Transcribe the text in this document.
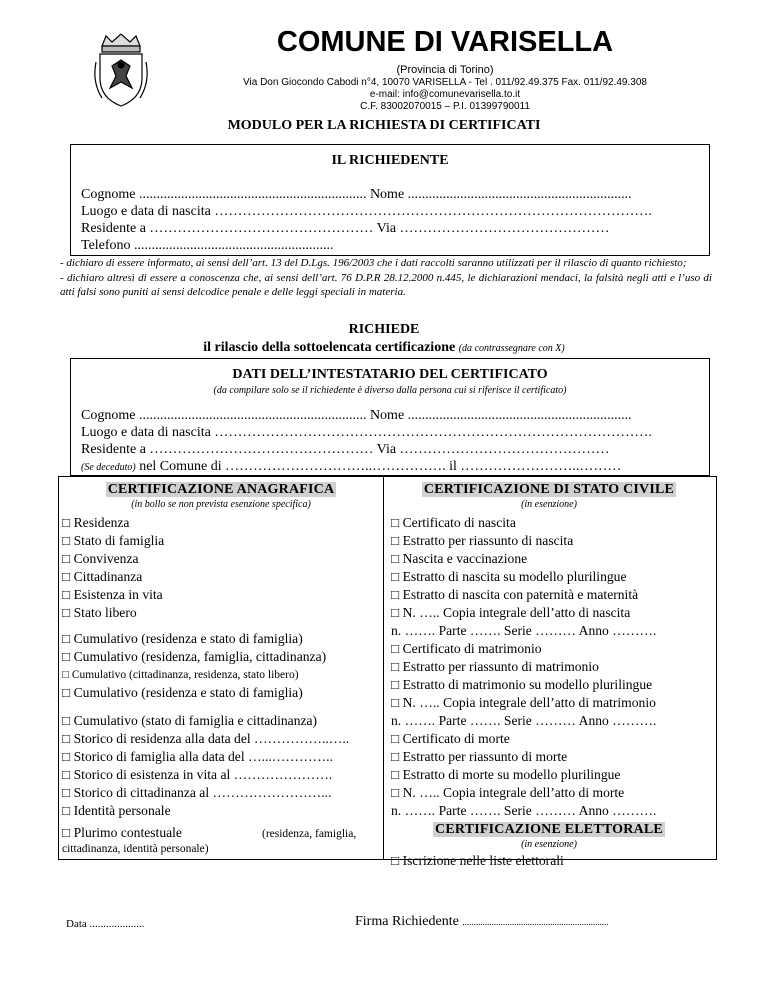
COMUNE DI VARISELLA
(Provincia di Torino)
Via Don Giocondo Cabodi n°4, 10070 VARISELLA - Tel . 011/92.49.375 Fax. 011/92.49.308
e-mail: info@comunevarisella.to.it
C.F. 83002070015 – P.I. 01399790011
MODULO PER LA RICHIESTA DI CERTIFICATI
IL RICHIEDENTE
Cognome ................................................................. Nome ................................................................
Luogo e data di nascita ………………………………………………………………………………….
Residente a ………………………………………… Via ………………………………………
Telefono .........................................................
- dichiaro di essere informato, ai sensi dell’art. 13 del D.Lgs. 196/2003 che i dati raccolti saranno utilizzati per il rilascio di quanto richiesto;
- dichiaro altresì di essere a conoscenza che, ai sensi dell’art. 76 D.P.R 28.12.2000 n.445, le dichiarazioni mendaci, la falsità negli atti e l’uso di atti falsi sono puniti ai sensi delcodice penale e delle leggi speciali in materia.
RICHIEDE
il rilascio della sottoelencata certificazione (da contrassegnare con X)
DATI DELL’INTESTATARIO DEL CERTIFICATO
(da compilare solo se il richiedente è diverso dalla persona cui si riferisce il certificato)
Cognome ................................................................. Nome ................................................................
Luogo e data di nascita ………………………………………………………………………………….
Residente a ………………………………………… Via ………………………………………
(Se deceduto) nel Comune di …………………………..……………. il ……………………..………
CERTIFICAZIONE ANAGRAFICA
(in bollo se non prevista esenzione specifica)
□ Residenza
□ Stato di famiglia
□ Convivenza
□ Cittadinanza
□ Esistenza in vita
□ Stato libero
□ Cumulativo (residenza e stato di famiglia)
□ Cumulativo (residenza, famiglia, cittadinanza)
□ Cumulativo (cittadinanza, residenza, stato libero)
□ Cumulativo (residenza e stato di famiglia)
□ Cumulativo (stato di famiglia e cittadinanza)
□ Storico di residenza alla data del ……………..…..
□ Storico di famiglia alla data del …...…………..
□ Storico di esistenza in vita al ………………….
□ Storico di cittadinanza al ……………………...
□ Identità personale
□ Plurimo contestuale	(residenza, famiglia,
cittadinanza, identità personale)
CERTIFICAZIONE DI STATO CIVILE
(in esenzione)
□ Certificato di nascita
□ Estratto per riassunto di nascita
□ Nascita e vaccinazione
□ Estratto di nascita su modello plurilingue
□ Estratto di nascita con paternità e maternità
□ N. ….. Copia integrale dell’atto di nascita
n. ……. Parte ……. Serie ……… Anno ……….
□ Certificato di matrimonio
□ Estratto per riassunto di matrimonio
□ Estratto di matrimonio su modello plurilingue
□ N. ….. Copia integrale dell’atto di matrimonio
n. ……. Parte ……. Serie ……… Anno ……….
□ Certificato di morte
□ Estratto per riassunto di morte
□ Estratto di morte su modello plurilingue
□ N. ….. Copia integrale dell’atto di morte
n. ……. Parte ……. Serie ……… Anno ……….
CERTIFICAZIONE ELETTORALE
(in esenzione)
□ Iscrizione nelle liste elettorali
Data ....................	Firma Richiedente .................................................................
